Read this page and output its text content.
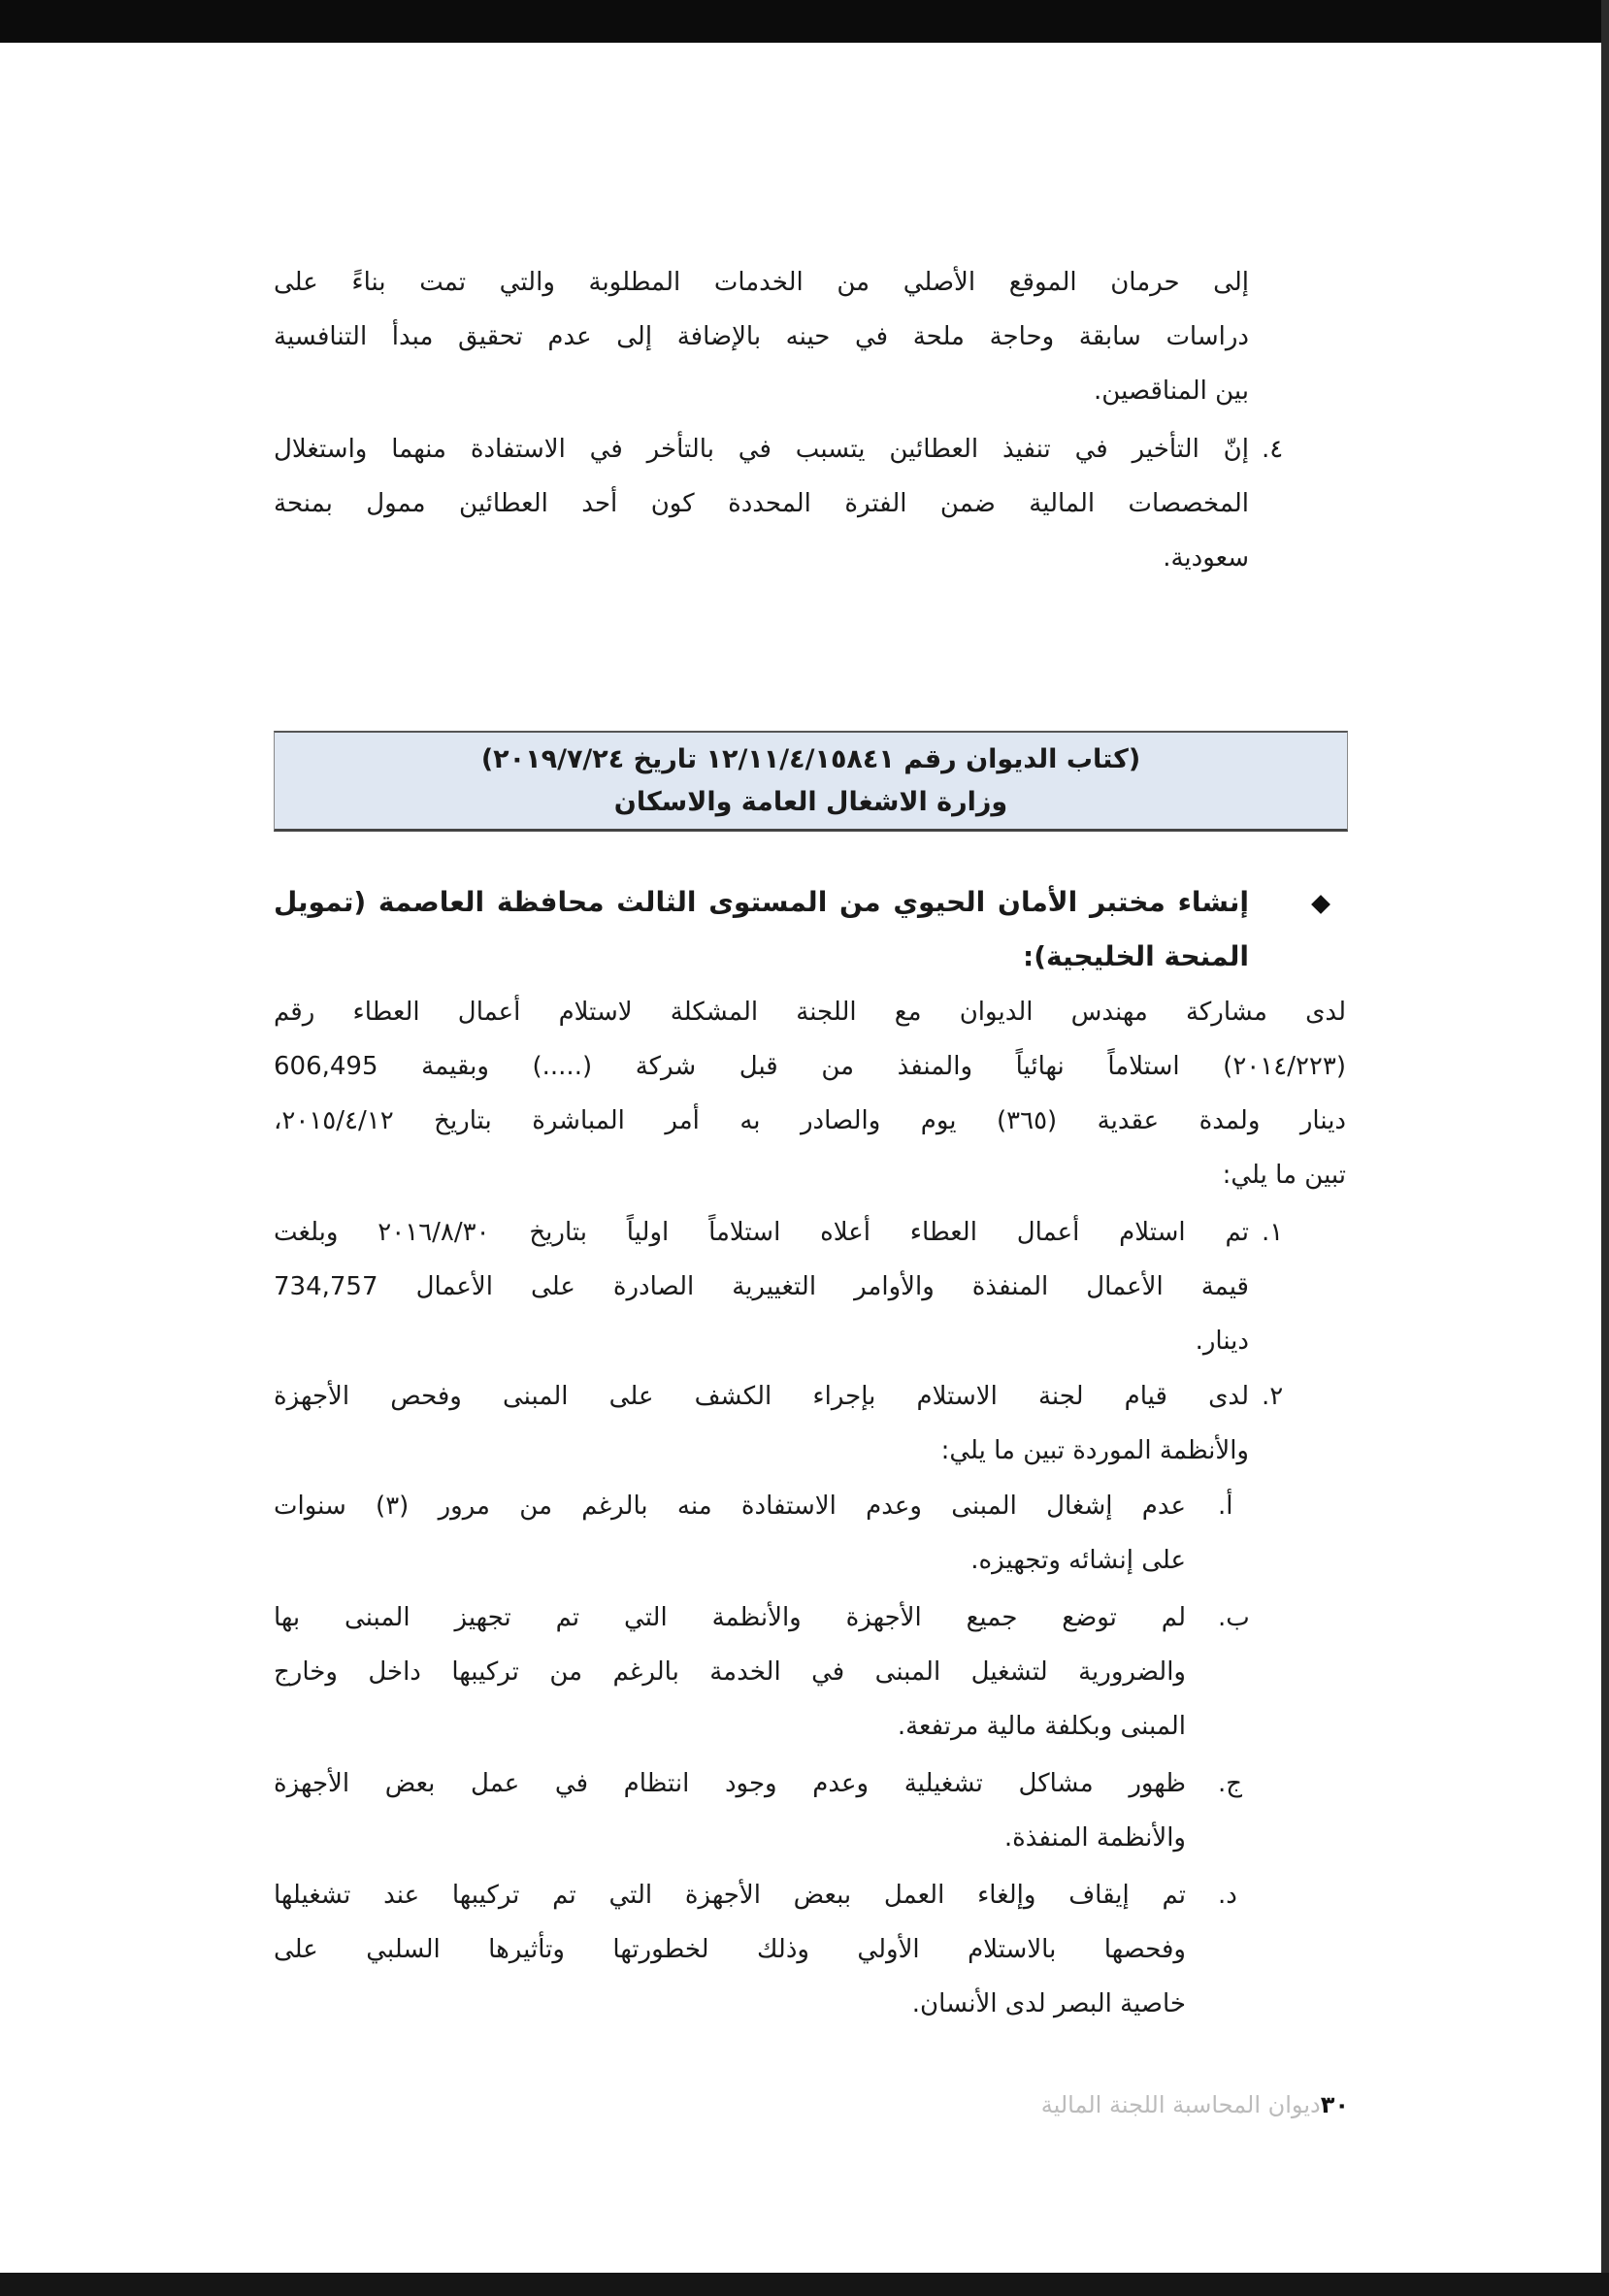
إلى حرمان الموقع الأصلي من الخدمات المطلوبة والتي تمت بناءً على
دراسات سابقة وحاجة ملحة في حينه بالإضافة إلى عدم تحقيق مبدأ التنافسية
بين المناقصين.
٤.
إنّ التأخير في تنفيذ العطائين يتسبب في بالتأخر في الاستفادة منهما واستغلال
المخصصات المالية ضمن الفترة المحددة كون أحد العطائين ممول بمنحة
سعودية.
(كتاب الديوان رقم ١٢/١١/٤/١٥٨٤١ تاريخ ٢٠١٩/٧/٢٤)
وزارة الاشغال العامة والاسكان
إنشاء مختبر الأمان الحيوي من المستوى الثالث محافظة العاصمة (تمويل
المنحة الخليجية):
لدى مشاركة مهندس الديوان مع اللجنة المشكلة لاستلام أعمال العطاء رقم
(٢٠١٤/٢٢٣) استلاماً نهائياً والمنفذ من قبل شركة (.....) وبقيمة 606,495
دينار ولمدة عقدية (٣٦٥) يوم والصادر به أمر المباشرة بتاريخ ٢٠١٥/٤/١٢،
تبين ما يلي:
١.
تم استلام أعمال العطاء أعلاه استلاماً اولياً بتاريخ ٢٠١٦/٨/٣٠ وبلغت
قيمة الأعمال المنفذة والأوامر التغييرية الصادرة على الأعمال 734,757
دينار.
٢.
لدى قيام لجنة الاستلام بإجراء الكشف على المبنى وفحص الأجهزة
والأنظمة الموردة تبين ما يلي:
أ.
عدم إشغال المبنى وعدم الاستفادة منه بالرغم من مرور (٣) سنوات
على إنشائه وتجهيزه.
ب.
لم توضع جميع الأجهزة والأنظمة التي تم تجهيز المبنى بها
والضرورية لتشغيل المبنى في الخدمة بالرغم من تركيبها داخل وخارج
المبنى وبكلفة مالية مرتفعة.
ج.
ظهور مشاكل تشغيلية وعدم وجود انتظام في عمل بعض الأجهزة
والأنظمة المنفذة.
د.
تم إيقاف وإلغاء العمل ببعض الأجهزة التي تم تركيبها عند تشغيلها
وفحصها بالاستلام الأولي وذلك لخطورتها وتأثيرها السلبي على
خاصية البصر لدى الأنسان.
٣٠ديوان المحاسبة اللجنة المالية
